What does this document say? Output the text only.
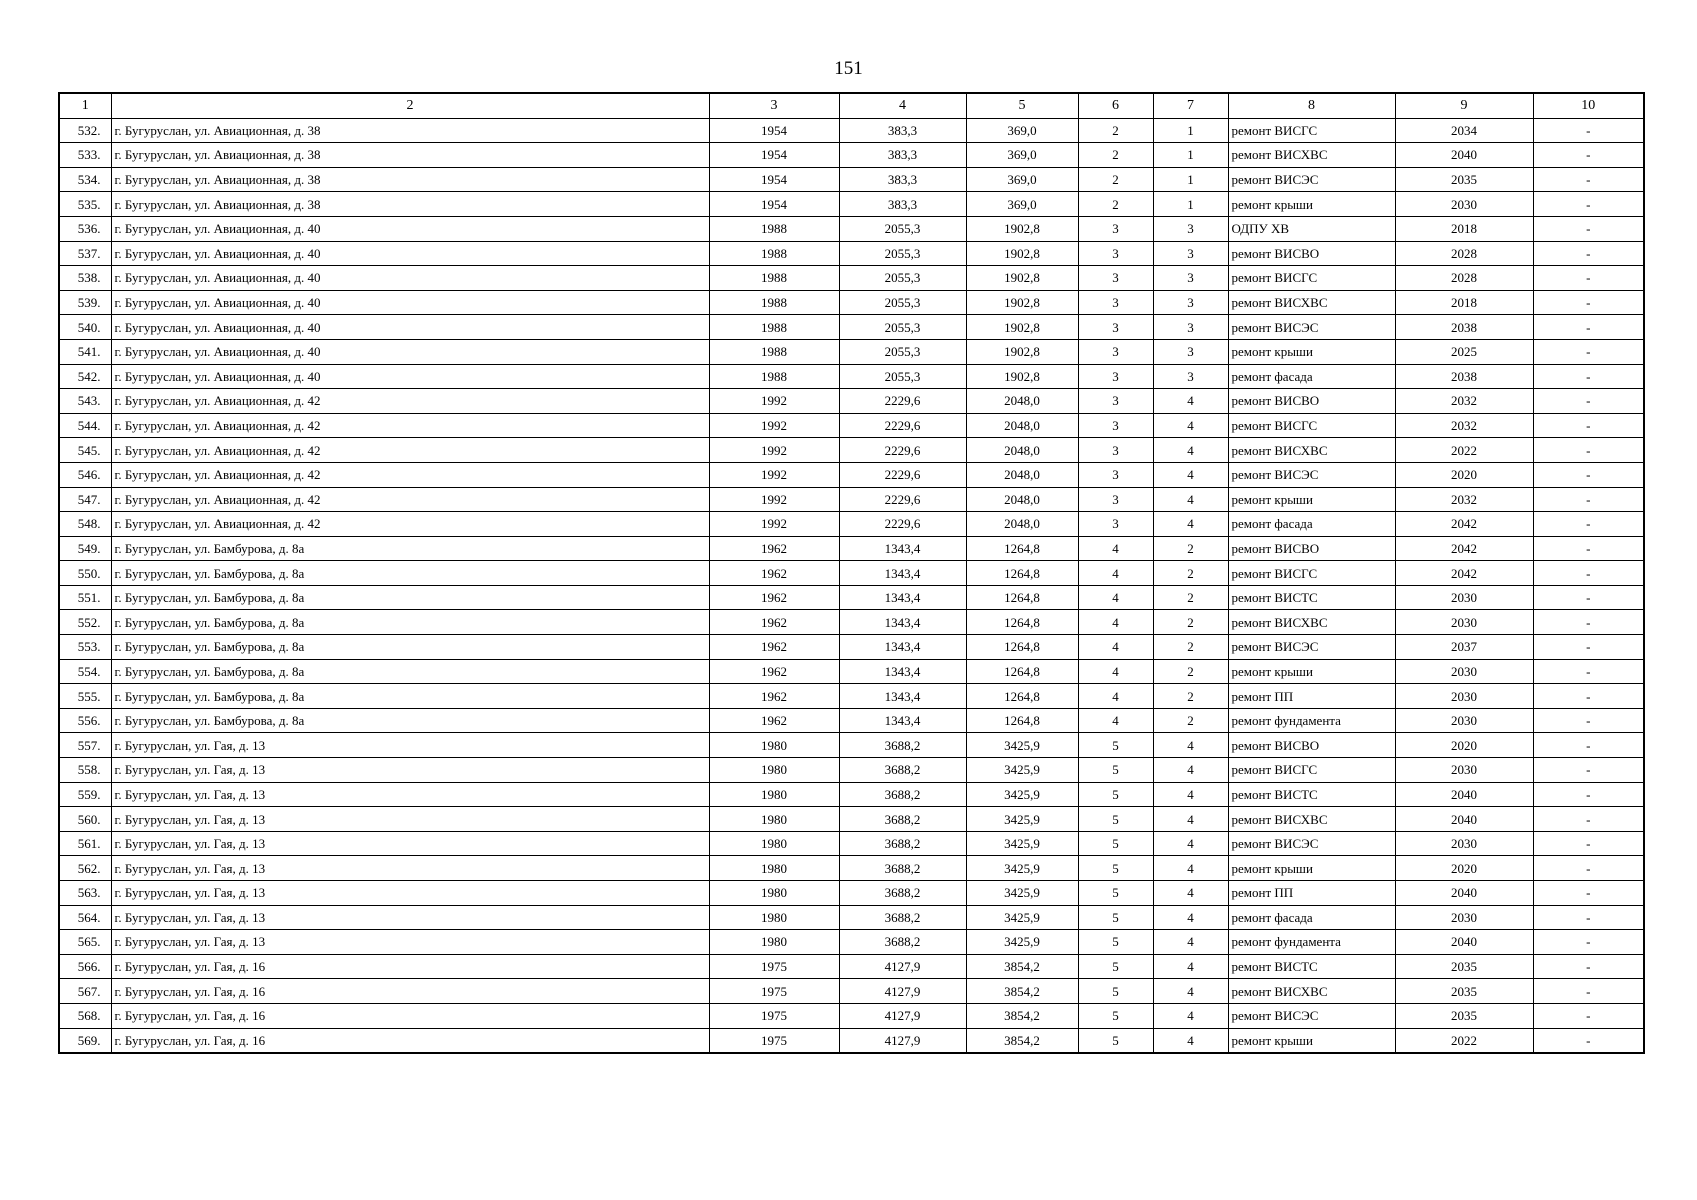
151
1	2	3	4	5	6	7	8	9	10
532.	г. Бугуруслан, ул. Авиационная, д. 38	1954	383,3	369,0	2	1	ремонт ВИСГС	2034	-
533.	г. Бугуруслан, ул. Авиационная, д. 38	1954	383,3	369,0	2	1	ремонт ВИСХВС	2040	-
534.	г. Бугуруслан, ул. Авиационная, д. 38	1954	383,3	369,0	2	1	ремонт ВИСЭС	2035	-
535.	г. Бугуруслан, ул. Авиационная, д. 38	1954	383,3	369,0	2	1	ремонт крыши	2030	-
536.	г. Бугуруслан, ул. Авиационная, д. 40	1988	2055,3	1902,8	3	3	ОДПУ ХВ	2018	-
537.	г. Бугуруслан, ул. Авиационная, д. 40	1988	2055,3	1902,8	3	3	ремонт ВИСВО	2028	-
538.	г. Бугуруслан, ул. Авиационная, д. 40	1988	2055,3	1902,8	3	3	ремонт ВИСГС	2028	-
539.	г. Бугуруслан, ул. Авиационная, д. 40	1988	2055,3	1902,8	3	3	ремонт ВИСХВС	2018	-
540.	г. Бугуруслан, ул. Авиационная, д. 40	1988	2055,3	1902,8	3	3	ремонт ВИСЭС	2038	-
541.	г. Бугуруслан, ул. Авиационная, д. 40	1988	2055,3	1902,8	3	3	ремонт крыши	2025	-
542.	г. Бугуруслан, ул. Авиационная, д. 40	1988	2055,3	1902,8	3	3	ремонт фасада	2038	-
543.	г. Бугуруслан, ул. Авиационная, д. 42	1992	2229,6	2048,0	3	4	ремонт ВИСВО	2032	-
544.	г. Бугуруслан, ул. Авиационная, д. 42	1992	2229,6	2048,0	3	4	ремонт ВИСГС	2032	-
545.	г. Бугуруслан, ул. Авиационная, д. 42	1992	2229,6	2048,0	3	4	ремонт ВИСХВС	2022	-
546.	г. Бугуруслан, ул. Авиационная, д. 42	1992	2229,6	2048,0	3	4	ремонт ВИСЭС	2020	-
547.	г. Бугуруслан, ул. Авиационная, д. 42	1992	2229,6	2048,0	3	4	ремонт крыши	2032	-
548.	г. Бугуруслан, ул. Авиационная, д. 42	1992	2229,6	2048,0	3	4	ремонт фасада	2042	-
549.	г. Бугуруслан, ул. Бамбурова, д. 8а	1962	1343,4	1264,8	4	2	ремонт ВИСВО	2042	-
550.	г. Бугуруслан, ул. Бамбурова, д. 8а	1962	1343,4	1264,8	4	2	ремонт ВИСГС	2042	-
551.	г. Бугуруслан, ул. Бамбурова, д. 8а	1962	1343,4	1264,8	4	2	ремонт ВИСТС	2030	-
552.	г. Бугуруслан, ул. Бамбурова, д. 8а	1962	1343,4	1264,8	4	2	ремонт ВИСХВС	2030	-
553.	г. Бугуруслан, ул. Бамбурова, д. 8а	1962	1343,4	1264,8	4	2	ремонт ВИСЭС	2037	-
554.	г. Бугуруслан, ул. Бамбурова, д. 8а	1962	1343,4	1264,8	4	2	ремонт крыши	2030	-
555.	г. Бугуруслан, ул. Бамбурова, д. 8а	1962	1343,4	1264,8	4	2	ремонт ПП	2030	-
556.	г. Бугуруслан, ул. Бамбурова, д. 8а	1962	1343,4	1264,8	4	2	ремонт фундамента	2030	-
557.	г. Бугуруслан, ул. Гая, д. 13	1980	3688,2	3425,9	5	4	ремонт ВИСВО	2020	-
558.	г. Бугуруслан, ул. Гая, д. 13	1980	3688,2	3425,9	5	4	ремонт ВИСГС	2030	-
559.	г. Бугуруслан, ул. Гая, д. 13	1980	3688,2	3425,9	5	4	ремонт ВИСТС	2040	-
560.	г. Бугуруслан, ул. Гая, д. 13	1980	3688,2	3425,9	5	4	ремонт ВИСХВС	2040	-
561.	г. Бугуруслан, ул. Гая, д. 13	1980	3688,2	3425,9	5	4	ремонт ВИСЭС	2030	-
562.	г. Бугуруслан, ул. Гая, д. 13	1980	3688,2	3425,9	5	4	ремонт крыши	2020	-
563.	г. Бугуруслан, ул. Гая, д. 13	1980	3688,2	3425,9	5	4	ремонт ПП	2040	-
564.	г. Бугуруслан, ул. Гая, д. 13	1980	3688,2	3425,9	5	4	ремонт фасада	2030	-
565.	г. Бугуруслан, ул. Гая, д. 13	1980	3688,2	3425,9	5	4	ремонт фундамента	2040	-
566.	г. Бугуруслан, ул. Гая, д. 16	1975	4127,9	3854,2	5	4	ремонт ВИСТС	2035	-
567.	г. Бугуруслан, ул. Гая, д. 16	1975	4127,9	3854,2	5	4	ремонт ВИСХВС	2035	-
568.	г. Бугуруслан, ул. Гая, д. 16	1975	4127,9	3854,2	5	4	ремонт ВИСЭС	2035	-
569.	г. Бугуруслан, ул. Гая, д. 16	1975	4127,9	3854,2	5	4	ремонт крыши	2022	-
